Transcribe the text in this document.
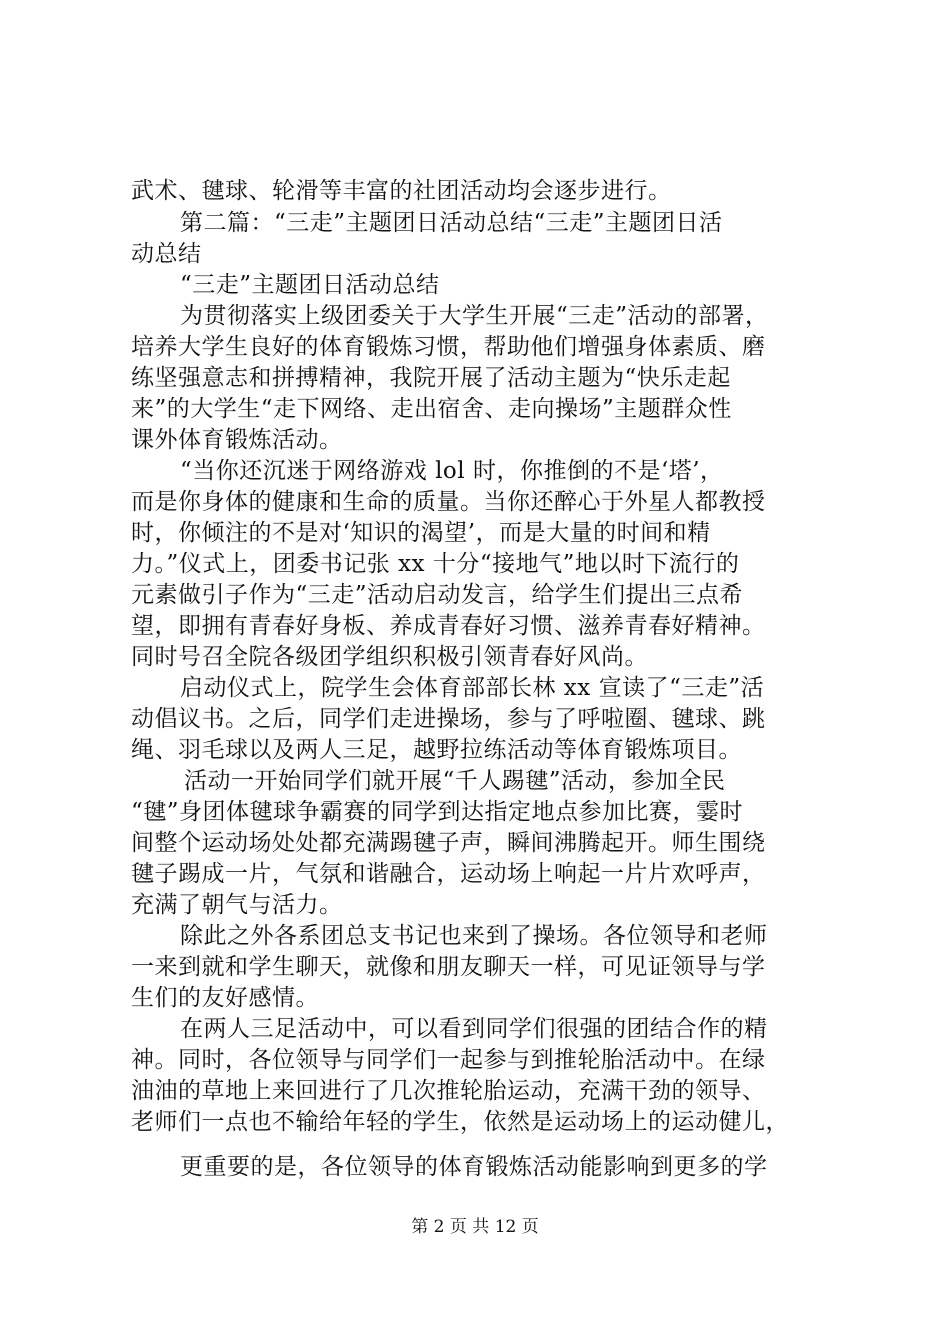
武术、毽球、轮滑等丰富的社团活动均会逐步进行。
第二篇：“三走”主题团日活动总结“三走”主题团日活
动总结
“三走”主题团日活动总结
为贯彻落实上级团委关于大学生开展“三走”活动的部署，
培养大学生良好的体育锻炼习惯，帮助他们增强身体素质、磨
练坚强意志和拼搏精神，我院开展了活动主题为“快乐走起
来”的大学生“走下网络、走出宿舍、走向操场”主题群众性
课外体育锻炼活动。
“当你还沉迷于网络游戏 lol 时，你推倒的不是‘塔’，
而是你身体的健康和生命的质量。当你还醉心于外星人都教授
时，你倾注的不是对‘知识的渴望’，而是大量的时间和精
力。”仪式上，团委书记张 xx 十分“接地气”地以时下流行的
元素做引子作为“三走”活动启动发言，给学生们提出三点希
望，即拥有青春好身板、养成青春好习惯、滋养青春好精神。
同时号召全院各级团学组织积极引领青春好风尚。
启动仪式上，院学生会体育部部长林 xx 宣读了“三走”活
动倡议书。之后，同学们走进操场，参与了呼啦圈、毽球、跳
绳、羽毛球以及两人三足，越野拉练活动等体育锻炼项目。
活动一开始同学们就开展“千人踢毽”活动，参加全民
“毽”身团体毽球争霸赛的同学到达指定地点参加比赛，霎时
间整个运动场处处都充满踢毽子声，瞬间沸腾起开。师生围绕
毽子踢成一片，气氛和谐融合，运动场上响起一片片欢呼声，
充满了朝气与活力。
除此之外各系团总支书记也来到了操场。各位领导和老师
一来到就和学生聊天，就像和朋友聊天一样，可见证领导与学
生们的友好感情。
在两人三足活动中，可以看到同学们很强的团结合作的精
神。同时，各位领导与同学们一起参与到推轮胎活动中。在绿
油油的草地上来回进行了几次推轮胎运动，充满干劲的领导、
老师们一点也不输给年轻的学生，依然是运动场上的运动健儿，
更重要的是，各位领导的体育锻炼活动能影响到更多的学
第 2 页 共 12 页
